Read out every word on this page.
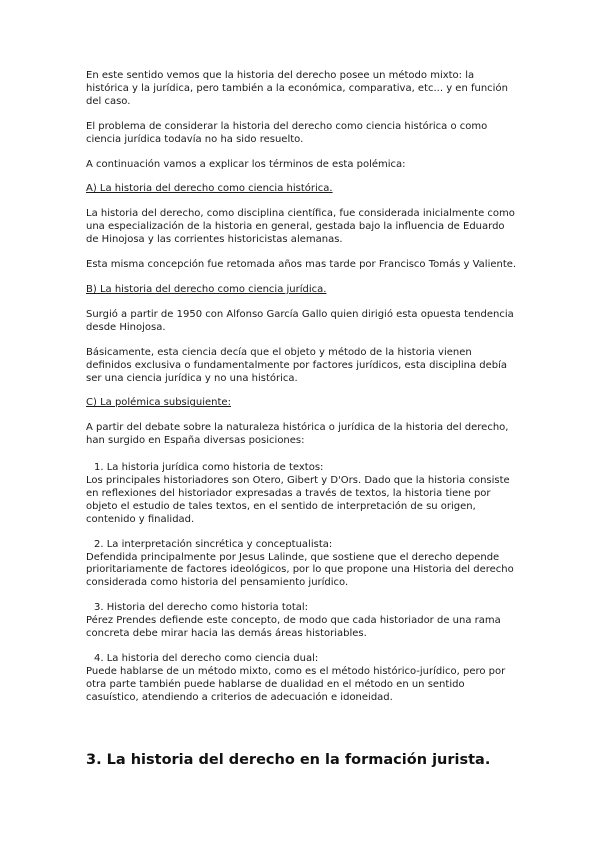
En este sentido vemos que la historia del derecho posee un método mixto: la histórica y la jurídica, pero también a la económica, comparativa, etc... y en función del caso.

El problema de considerar la historia del derecho como ciencia histórica o como ciencia jurídica todavía no ha sido resuelto.

A continuación vamos a explicar los términos de esta polémica:

A) La historia del derecho como ciencia histórica.

La historia del derecho, como disciplina científica, fue considerada inicialmente como una especialización de la historia en general, gestada bajo la influencia de Eduardo de Hinojosa y las corrientes historicistas alemanas.

Esta misma concepción fue retomada años mas tarde por Francisco Tomás y Valiente.

B) La historia del derecho como ciencia jurídica.

Surgió a partir de 1950 con Alfonso García Gallo quien dirigió esta opuesta tendencia desde Hinojosa.

Básicamente, esta ciencia decía que el objeto y método de la historia vienen definidos exclusiva o fundamentalmente por factores jurídicos, esta disciplina debía ser una ciencia jurídica y no una histórica.

C) La polémica subsiguiente:

A partir del debate sobre la naturaleza histórica o jurídica de la historia del derecho, han surgido en España diversas posiciones:

1. La historia jurídica como historia de textos:

Los principales historiadores son Otero, Gibert y D'Ors. Dado que la historia consiste en reflexiones del historiador expresadas a través de textos, la historia tiene por objeto el estudio de tales textos, en el sentido de interpretación de su origen, contenido y finalidad.

2. La interpretación sincrética y conceptualista:

Defendida principalmente por Jesus Lalinde, que sostiene que el derecho depende prioritariamente de factores ideológicos, por lo que propone una Historia del derecho considerada como historia del pensamiento jurídico.

3. Historia del derecho como historia total:

Pérez Prendes defiende este concepto, de modo que cada historiador de una rama concreta debe mirar hacia las demás áreas historiables.

4. La historia del derecho como ciencia dual:

Puede hablarse de un método mixto, como es el método histórico-jurídico, pero por otra parte también puede hablarse de dualidad en el método en un sentido casuístico, atendiendo a criterios de adecuación e idoneidad.

3. La historia del derecho en la formación jurista.
